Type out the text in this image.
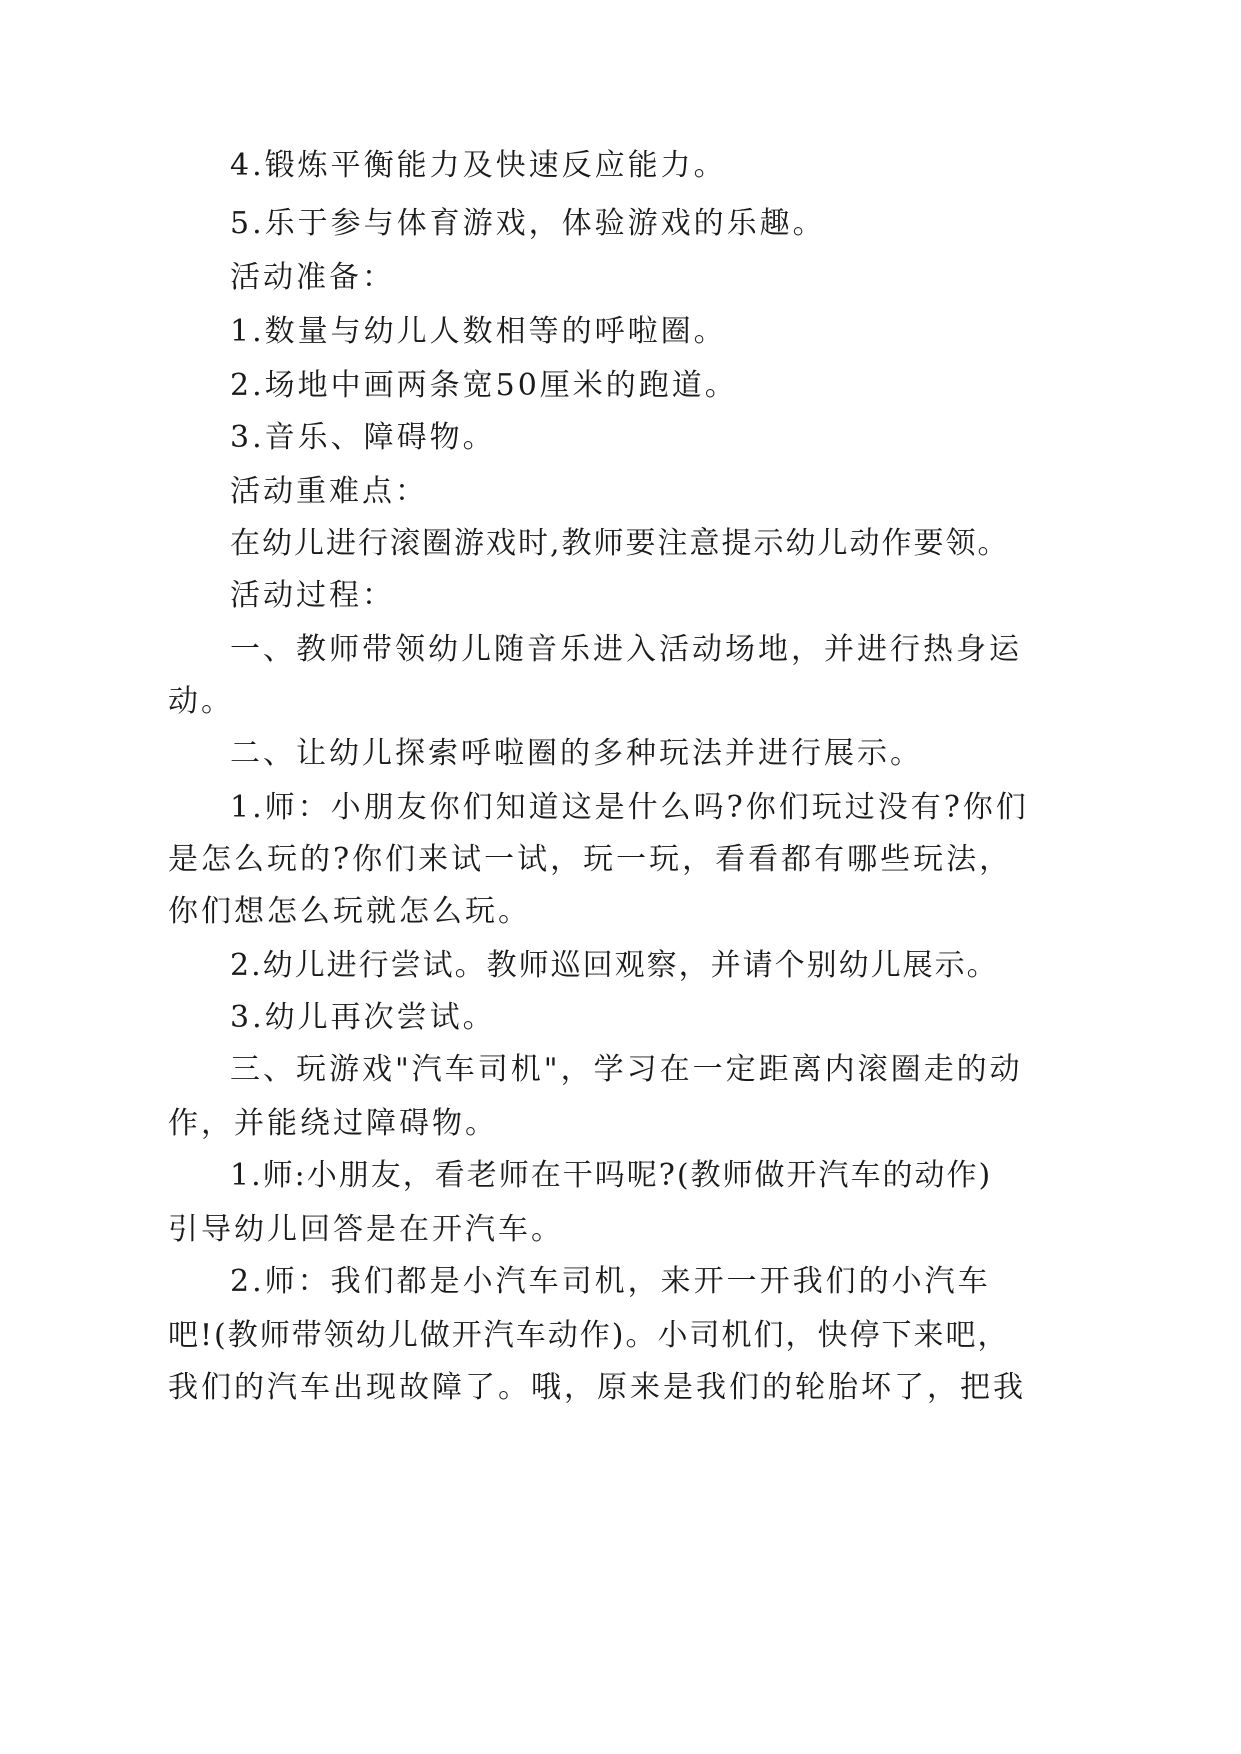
4.锻炼平衡能力及快速反应能力。
5.乐于参与体育游戏，体验游戏的乐趣。
活动准备：
1.数量与幼儿人数相等的呼啦圈。
2.场地中画两条宽50厘米的跑道。
3.音乐、障碍物。
活动重难点：
在幼儿进行滚圈游戏时,教师要注意提示幼儿动作要领。
活动过程：
一、教师带领幼儿随音乐进入活动场地，并进行热身运
动。
二、让幼儿探索呼啦圈的多种玩法并进行展示。
1.师：小朋友你们知道这是什么吗?你们玩过没有?你们
是怎么玩的?你们来试一试，玩一玩，看看都有哪些玩法，
你们想怎么玩就怎么玩。
2.幼儿进行尝试。教师巡回观察，并请个别幼儿展示。
3.幼儿再次尝试。
三、玩游戏"汽车司机"，学习在一定距离内滚圈走的动
作，并能绕过障碍物。
1.师:小朋友，看老师在干吗呢?(教师做开汽车的动作)
引导幼儿回答是在开汽车。
2.师：我们都是小汽车司机，来开一开我们的小汽车
吧!(教师带领幼儿做开汽车动作)。小司机们，快停下来吧，
我们的汽车出现故障了。哦，原来是我们的轮胎坏了，把我
